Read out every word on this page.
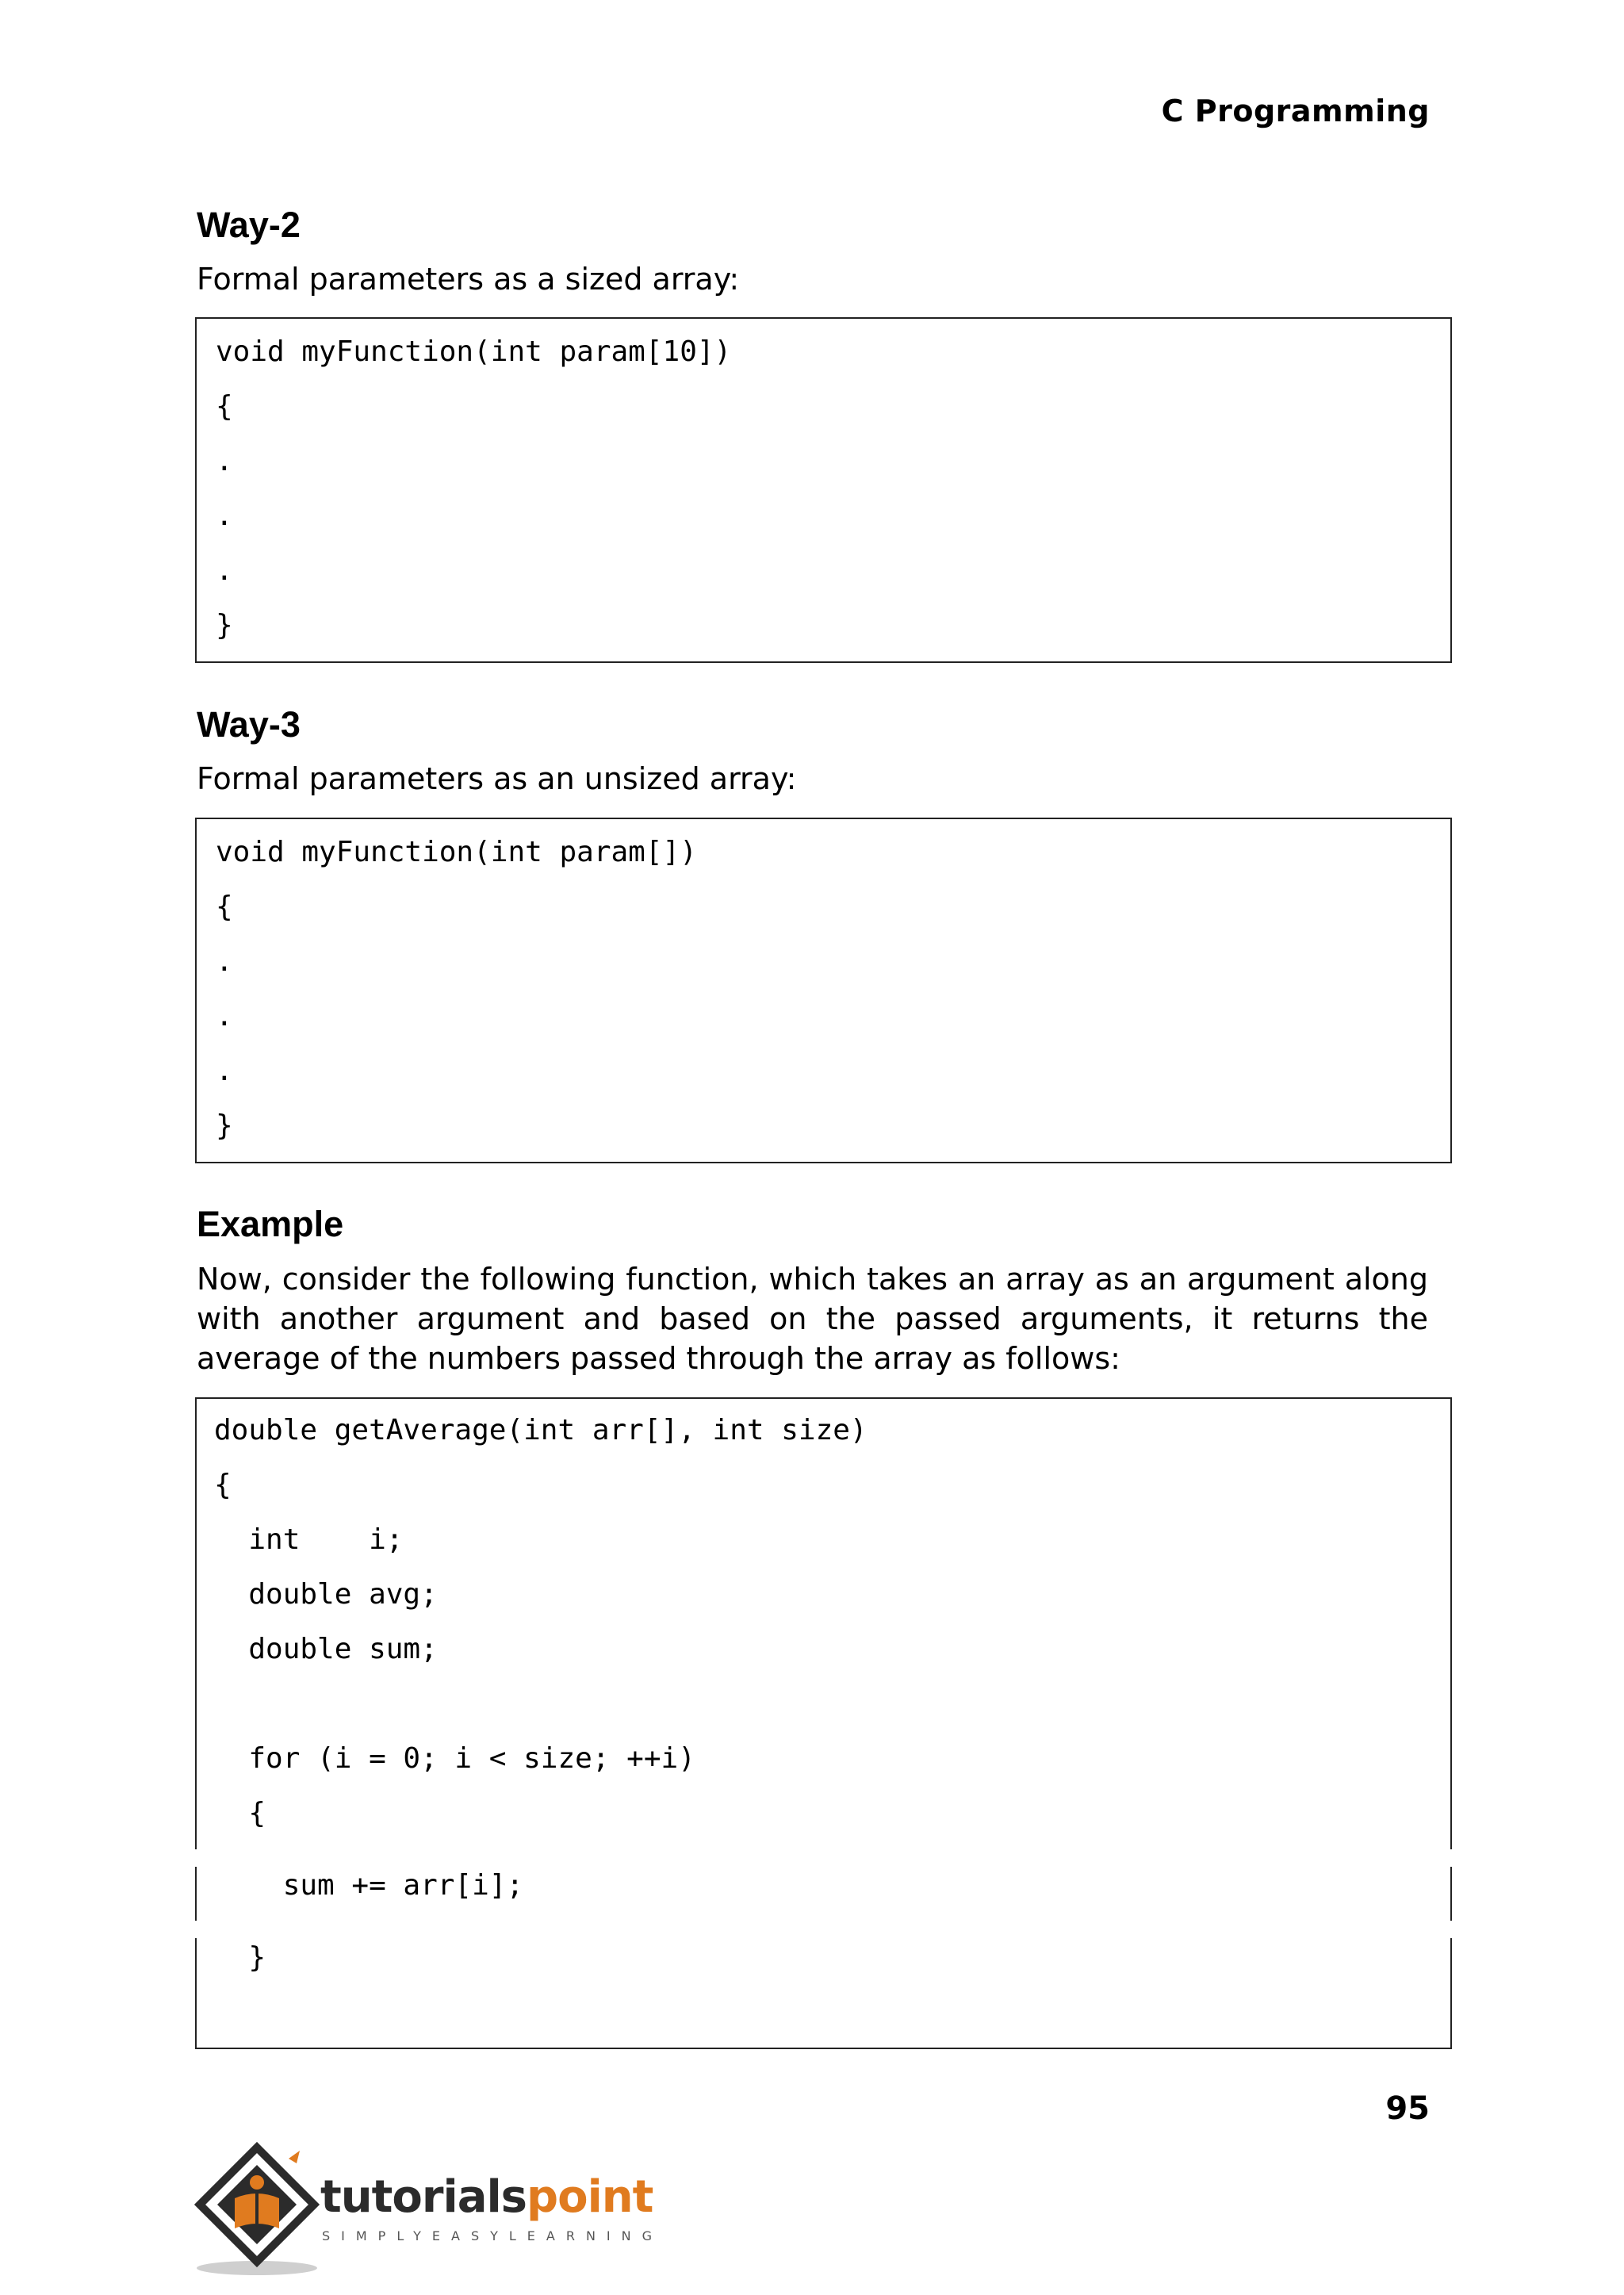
C Programming
Way-2
Formal parameters as a sized array:
void myFunction(int param[10])
{
.
.
.
}
Way-3
Formal parameters as an unsized array:
void myFunction(int param[])
{
.
.
.
}
Example
Now, consider the following function, which takes an array as an argument along with another argument and based on the passed arguments, it returns the average of the numbers passed through the array as follows:
double getAverage(int arr[], int size)
{
int    i;
double avg;
double sum;
for (i = 0; i < size; ++i)
{
sum += arr[i];
}
95
tutorialspoint
SIMPLYEASYLEARNING
